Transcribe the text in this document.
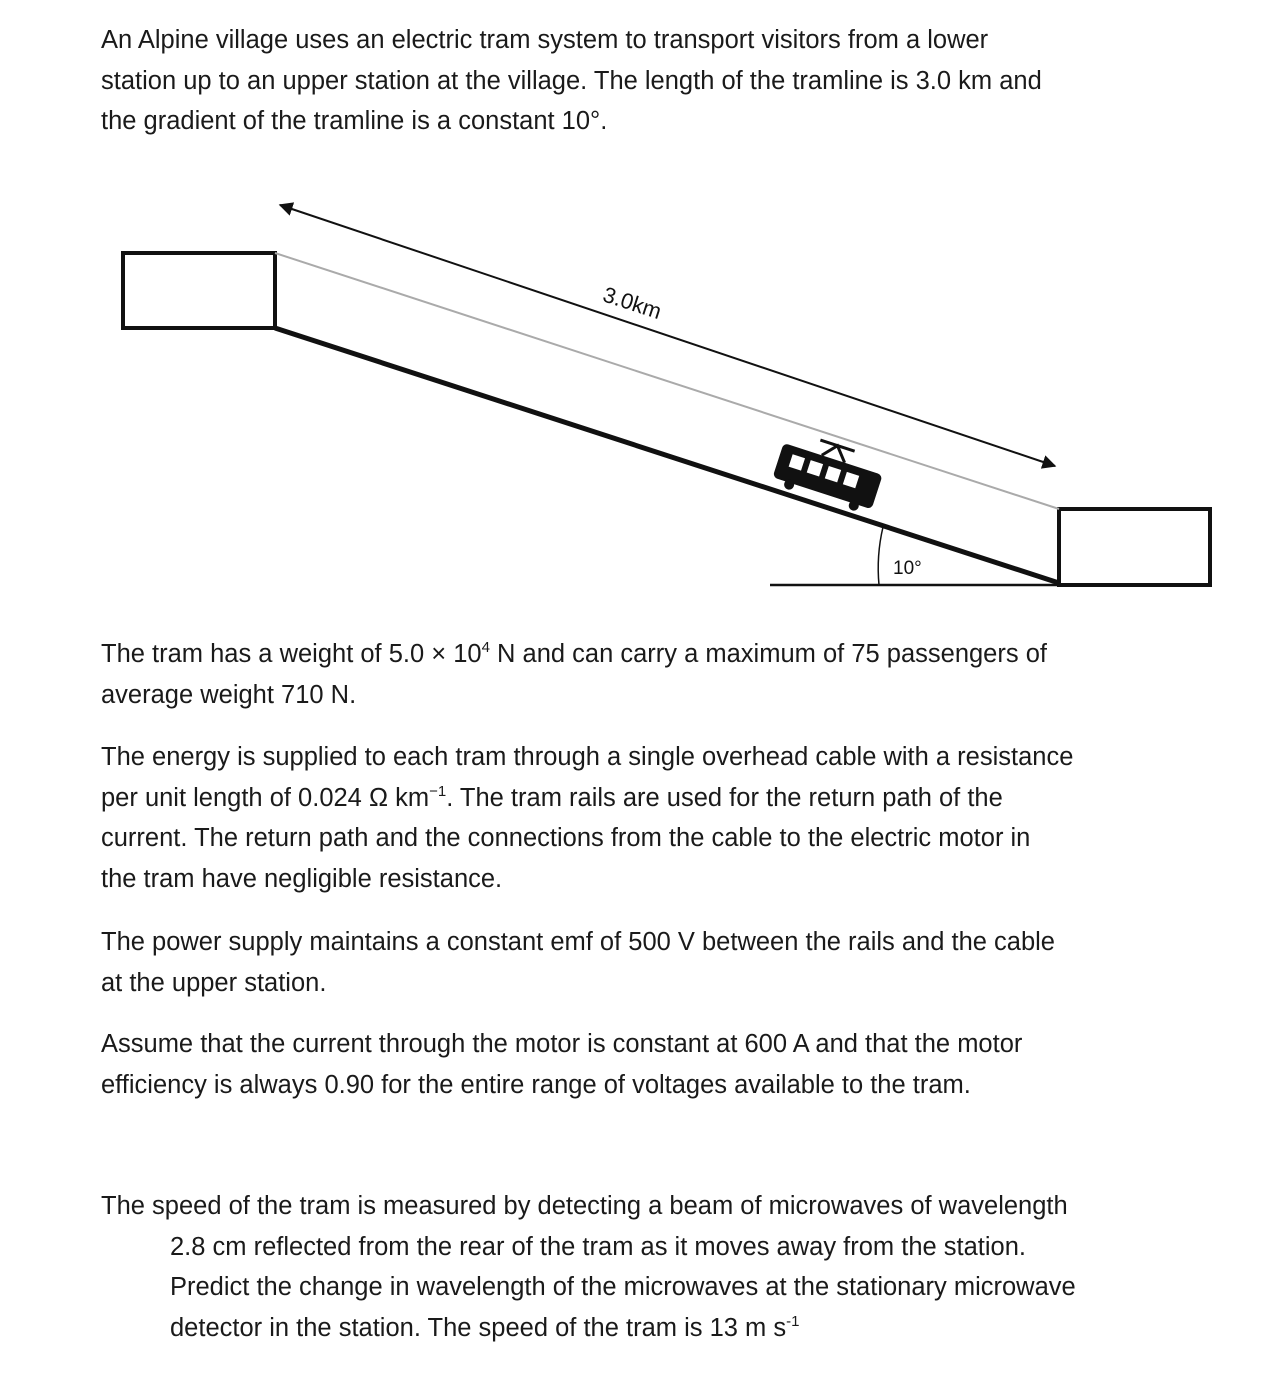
An Alpine village uses an electric tram system to transport visitors from a lower
station up to an upper station at the village. The length of the tramline is 3.0 km and
the gradient of the tramline is a constant 10°.
3.0km
10°
The tram has a weight of $5.0 \times 10^4$ N and can carry a maximum of 75 passengers of
average weight 710 N.
The energy is supplied to each tram through a single overhead cable with a resistance
per unit length of 0.024 Ω $km^{-1}$. The tram rails are used for the return path of the
current. The return path and the connections from the cable to the electric motor in
the tram have negligible resistance.
The power supply maintains a constant emf of 500 V between the rails and the cable
at the upper station.
Assume that the current through the motor is constant at 600 A and that the motor
efficiency is always 0.90 for the entire range of voltages available to the tram.
The speed of the tram is measured by detecting a beam of microwaves of wavelength
2.8 cm reflected from the rear of the tram as it moves away from the station.
Predict the change in wavelength of the microwaves at the stationary microwave
detector in the station. The speed of the tram is 13 m $s^{-1}$
